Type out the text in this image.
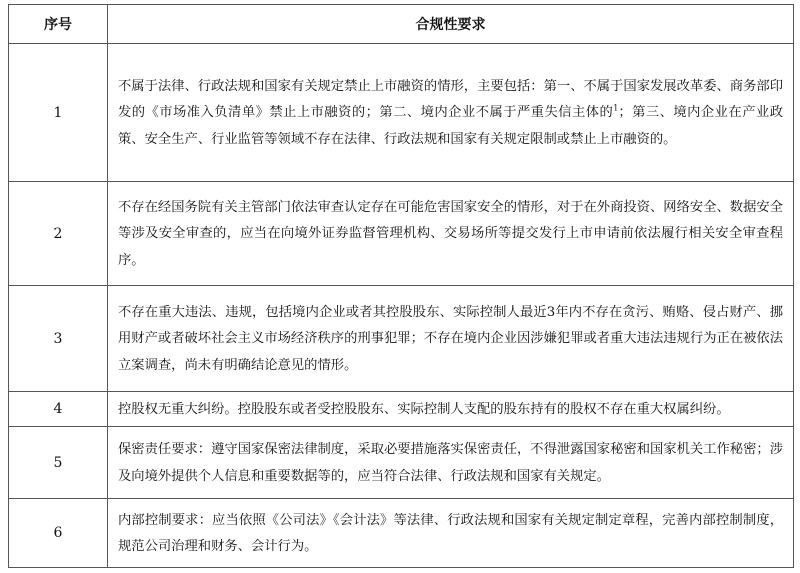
序号	合规性要求
1	不属于法律、行政法规和国家有关规定禁止上市融资的情形，主要包括：第一、不属于国家发展改革委、商务部印发的《市场准入负清单》禁止上市融资的；第二、境内企业不属于严重失信主体的$^1$；第三、境内企业在产业政策、安全生产、行业监管等领域不存在法律、行政法规和国家有关规定限制或禁止上市融资的。
2	不存在经国务院有关主管部门依法审查认定存在可能危害国家安全的情形，对于在外商投资、网络安全、数据安全等涉及安全审查的，应当在向境外证券监督管理机构、交易场所等提交发行上市申请前依法履行相关安全审查程序。
3	不存在重大违法、违规，包括境内企业或者其控股股东、实际控制人最近3年内不存在贪污、贿赂、侵占财产、挪用财产或者破坏社会主义市场经济秩序的刑事犯罪；不存在境内企业因涉嫌犯罪或者重大违法违规行为正在被依法立案调查，尚未有明确结论意见的情形。
4	控股权无重大纠纷。控股股东或者受控股股东、实际控制人支配的股东持有的股权不存在重大权属纠纷。
5	保密责任要求：遵守国家保密法律制度，采取必要措施落实保密责任，不得泄露国家秘密和国家机关工作秘密；涉及向境外提供个人信息和重要数据等的，应当符合法律、行政法规和国家有关规定。
6	内部控制要求：应当依照《公司法》《会计法》等法律、行政法规和国家有关规定制定章程，完善内部控制制度，规范公司治理和财务、会计行为。
